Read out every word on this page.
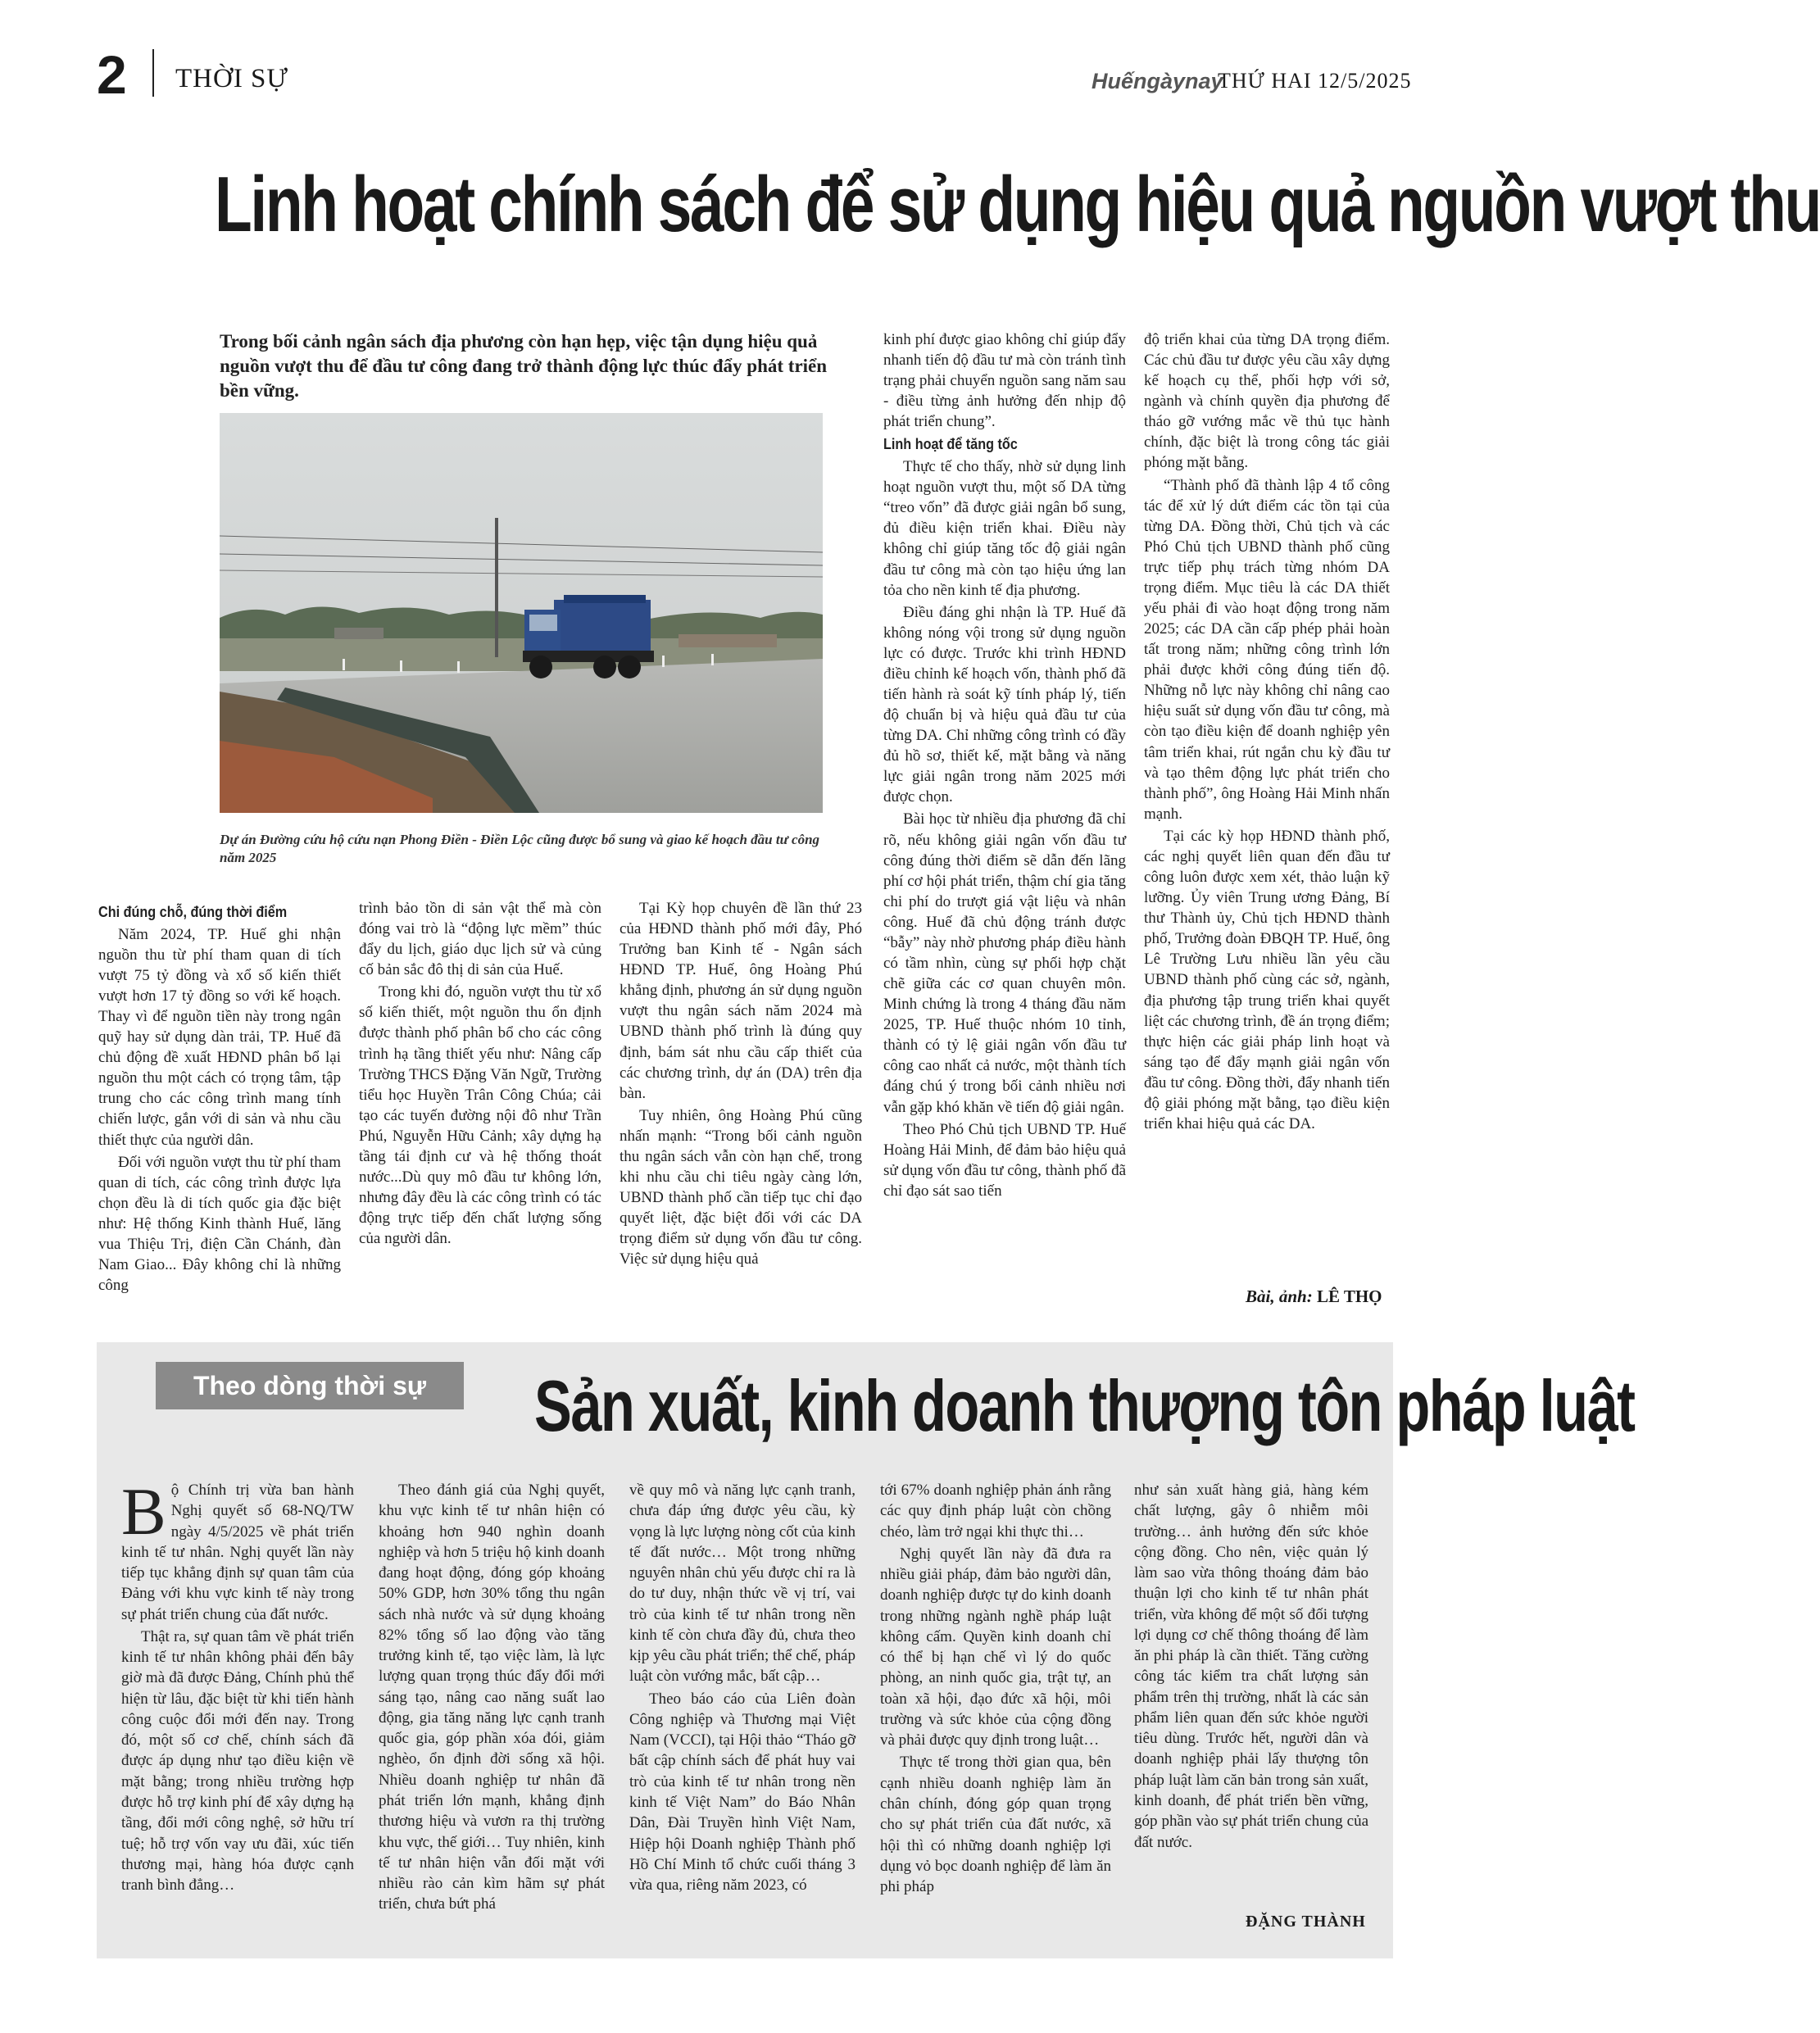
2 THỜI SỰ	Huếngàynay
THỨ HAI 12/5/2025
Linh hoạt chính sách để sử dụng hiệu quả nguồn vượt thu
Trong bối cảnh ngân sách địa phương còn hạn hẹp, việc tận dụng hiệu quả nguồn vượt thu để đầu tư công đang trở thành động lực thúc đẩy phát triển bền vững.
Dự án Đường cứu hộ cứu nạn Phong Điền - Điền Lộc cũng được bổ sung và giao kế hoạch đầu tư công năm 2025
Chi đúng chỗ, đúng thời điểm

Năm 2024, TP. Huế ghi nhận nguồn thu từ phí tham quan di tích vượt 75 tỷ đồng và xổ số kiến thiết vượt hơn 17 tỷ đồng so với kế hoạch. Thay vì để nguồn tiền này trong ngân quỹ hay sử dụng dàn trải, TP. Huế đã chủ động đề xuất HĐND phân bổ lại nguồn thu một cách có trọng tâm, tập trung cho các công trình mang tính chiến lược, gắn với di sản và nhu cầu thiết thực của người dân.

Đối với nguồn vượt thu từ phí tham quan di tích, các công trình được lựa chọn đều là di tích quốc gia đặc biệt như: Hệ thống Kinh thành Huế, lăng vua Thiệu Trị, điện Cần Chánh, đàn Nam Giao... Đây không chỉ là những công

trình bảo tồn di sản vật thể mà còn đóng vai trò là “động lực mềm” thúc đẩy du lịch, giáo dục lịch sử và củng cố bản sắc đô thị di sản của Huế.

Trong khi đó, nguồn vượt thu từ xổ số kiến thiết, một nguồn thu ổn định được thành phố phân bổ cho các công trình hạ tầng thiết yếu như: Nâng cấp Trường THCS Đặng Văn Ngữ, Trường tiểu học Huyền Trân Công Chúa; cải tạo các tuyến đường nội đô như Trần Phú, Nguyễn Hữu Cảnh; xây dựng hạ tầng tái định cư và hệ thống thoát nước...Dù quy mô đầu tư không lớn, nhưng đây đều là các công trình có tác động trực tiếp đến chất lượng sống của người dân.

Tại Kỳ họp chuyên đề lần thứ 23 của HĐND thành phố mới đây, Phó Trưởng ban Kinh tế - Ngân sách HĐND TP. Huế, ông Hoàng Phú khẳng định, phương án sử dụng nguồn vượt thu ngân sách năm 2024 mà UBND thành phố trình là đúng quy định, bám sát nhu cầu cấp thiết của các chương trình, dự án (DA) trên địa bàn.

Tuy nhiên, ông Hoàng Phú cũng nhấn mạnh: “Trong bối cảnh nguồn thu ngân sách vẫn còn hạn chế, trong khi nhu cầu chi tiêu ngày càng lớn, UBND thành phố cần tiếp tục chỉ đạo quyết liệt, đặc biệt đối với các DA trọng điểm sử dụng vốn đầu tư công. Việc sử dụng hiệu quả

kinh phí được giao không chỉ giúp đẩy nhanh tiến độ đầu tư mà còn tránh tình trạng phải chuyển nguồn sang năm sau - điều từng ảnh hưởng đến nhịp độ phát triển chung”.

Linh hoạt để tăng tốc

Thực tế cho thấy, nhờ sử dụng linh hoạt nguồn vượt thu, một số DA từng “treo vốn” đã được giải ngân bổ sung, đủ điều kiện triển khai. Điều này không chỉ giúp tăng tốc độ giải ngân đầu tư công mà còn tạo hiệu ứng lan tỏa cho nền kinh tế địa phương.

Điều đáng ghi nhận là TP. Huế đã không nóng vội trong sử dụng nguồn lực có được. Trước khi trình HĐND điều chỉnh kế hoạch vốn, thành phố đã tiến hành rà soát kỹ tính pháp lý, tiến độ chuẩn bị và hiệu quả đầu tư của từng DA. Chỉ những công trình có đầy đủ hồ sơ, thiết kế, mặt bằng và năng lực giải ngân trong năm 2025 mới được chọn.

Bài học từ nhiều địa phương đã chỉ rõ, nếu không giải ngân vốn đầu tư công đúng thời điểm sẽ dẫn đến lãng phí cơ hội phát triển, thậm chí gia tăng chi phí do trượt giá vật liệu và nhân công. Huế đã chủ động tránh được “bẫy” này nhờ phương pháp điều hành có tầm nhìn, cùng sự phối hợp chặt chẽ giữa các cơ quan chuyên môn. Minh chứng là trong 4 tháng đầu năm 2025, TP. Huế thuộc nhóm 10 tỉnh, thành có tỷ lệ giải ngân vốn đầu tư công cao nhất cả nước, một thành tích đáng chú ý trong bối cảnh nhiều nơi vẫn gặp khó khăn về tiến độ giải ngân.

Theo Phó Chủ tịch UBND TP. Huế Hoàng Hải Minh, để đảm bảo hiệu quả sử dụng vốn đầu tư công, thành phố đã chỉ đạo sát sao tiến

độ triển khai của từng DA trọng điểm. Các chủ đầu tư được yêu cầu xây dựng kế hoạch cụ thể, phối hợp với sở, ngành và chính quyền địa phương để tháo gỡ vướng mắc về thủ tục hành chính, đặc biệt là trong công tác giải phóng mặt bằng.

“Thành phố đã thành lập 4 tổ công tác để xử lý dứt điểm các tồn tại của từng DA. Đồng thời, Chủ tịch và các Phó Chủ tịch UBND thành phố cũng trực tiếp phụ trách từng nhóm DA trọng điểm. Mục tiêu là các DA thiết yếu phải đi vào hoạt động trong năm 2025; các DA cần cấp phép phải hoàn tất trong năm; những công trình lớn phải được khởi công đúng tiến độ. Những nỗ lực này không chỉ nâng cao hiệu suất sử dụng vốn đầu tư công, mà còn tạo điều kiện để doanh nghiệp yên tâm triển khai, rút ngắn chu kỳ đầu tư và tạo thêm động lực phát triển cho thành phố”, ông Hoàng Hải Minh nhấn mạnh.

Tại các kỳ họp HĐND thành phố, các nghị quyết liên quan đến đầu tư công luôn được xem xét, thảo luận kỹ lưỡng. Ủy viên Trung ương Đảng, Bí thư Thành ủy, Chủ tịch HĐND thành phố, Trưởng đoàn ĐBQH TP. Huế, ông Lê Trường Lưu nhiều lần yêu cầu UBND thành phố cùng các sở, ngành, địa phương tập trung triển khai quyết liệt các chương trình, đề án trọng điểm; thực hiện các giải pháp linh hoạt và sáng tạo để đẩy mạnh giải ngân vốn đầu tư công. Đồng thời, đẩy nhanh tiến độ giải phóng mặt bằng, tạo điều kiện triển khai hiệu quả các DA.

Bài, ảnh: LÊ THỌ
Theo dòng thời sự	Sản xuất, kinh doanh thượng tôn pháp luật

Bộ Chính trị vừa ban hành Nghị quyết số 68-NQ/TW ngày 4/5/2025 về phát triển kinh tế tư nhân. Nghị quyết lần này tiếp tục khẳng định sự quan tâm của Đảng với khu vực kinh tế này trong sự phát triển chung của đất nước.

Thật ra, sự quan tâm về phát triển kinh tế tư nhân không phải đến bây giờ mà đã được Đảng, Chính phủ thể hiện từ lâu, đặc biệt từ khi tiến hành công cuộc đổi mới đến nay. Trong đó, một số cơ chế, chính sách đã được áp dụng như tạo điều kiện về mặt bằng; trong nhiều trường hợp được hỗ trợ kinh phí để xây dựng hạ tầng, đổi mới công nghệ, sở hữu trí tuệ; hỗ trợ vốn vay ưu đãi, xúc tiến thương mại, hàng hóa được cạnh tranh bình đẳng…

Theo đánh giá của Nghị quyết, khu vực kinh tế tư nhân hiện có khoảng hơn 940 nghìn doanh nghiệp và hơn 5 triệu hộ kinh doanh đang hoạt động, đóng góp khoảng 50% GDP, hơn 30% tổng thu ngân sách nhà nước và sử dụng khoảng 82% tổng số lao động vào tăng trưởng kinh tế, tạo việc làm, là lực lượng quan trọng thúc đẩy đổi mới sáng tạo, nâng cao năng suất lao động, gia tăng năng lực cạnh tranh quốc gia, góp phần xóa đói, giảm nghèo, ổn định đời sống xã hội. Nhiều doanh nghiệp tư nhân đã phát triển lớn mạnh, khẳng định thương hiệu và vươn ra thị trường khu vực, thế giới… Tuy nhiên, kinh tế tư nhân hiện vẫn đối mặt với nhiều rào cản kìm hãm sự phát triển, chưa bứt phá

về quy mô và năng lực cạnh tranh, chưa đáp ứng được yêu cầu, kỳ vọng là lực lượng nòng cốt của kinh tế đất nước… Một trong những nguyên nhân chủ yếu được chỉ ra là do tư duy, nhận thức về vị trí, vai trò của kinh tế tư nhân trong nền kinh tế còn chưa đầy đủ, chưa theo kịp yêu cầu phát triển; thể chế, pháp luật còn vướng mắc, bất cập…

Theo báo cáo của Liên đoàn Công nghiệp và Thương mại Việt Nam (VCCI), tại Hội thảo “Tháo gỡ bất cập chính sách để phát huy vai trò của kinh tế tư nhân trong nền kinh tế Việt Nam” do Báo Nhân Dân, Đài Truyền hình Việt Nam, Hiệp hội Doanh nghiệp Thành phố Hồ Chí Minh tổ chức cuối tháng 3 vừa qua, riêng năm 2023, có

tới 67% doanh nghiệp phản ánh rằng các quy định pháp luật còn chồng chéo, làm trở ngại khi thực thi…

Nghị quyết lần này đã đưa ra nhiều giải pháp, đảm bảo người dân, doanh nghiệp được tự do kinh doanh trong những ngành nghề pháp luật không cấm. Quyền kinh doanh chỉ có thể bị hạn chế vì lý do quốc phòng, an ninh quốc gia, trật tự, an toàn xã hội, đạo đức xã hội, môi trường và sức khỏe của cộng đồng và phải được quy định trong luật…

Thực tế trong thời gian qua, bên cạnh nhiều doanh nghiệp làm ăn chân chính, đóng góp quan trọng cho sự phát triển của đất nước, xã hội thì có những doanh nghiệp lợi dụng vỏ bọc doanh nghiệp để làm ăn phi pháp

như sản xuất hàng giả, hàng kém chất lượng, gây ô nhiễm môi trường… ảnh hưởng đến sức khỏe cộng đồng. Cho nên, việc quản lý làm sao vừa thông thoáng đảm bảo thuận lợi cho kinh tế tư nhân phát triển, vừa không để một số đối tượng lợi dụng cơ chế thông thoáng để làm ăn phi pháp là cần thiết. Tăng cường công tác kiểm tra chất lượng sản phẩm trên thị trường, nhất là các sản phẩm liên quan đến sức khỏe người tiêu dùng. Trước hết, người dân và doanh nghiệp phải lấy thượng tôn pháp luật làm căn bản trong sản xuất, kinh doanh, để phát triển bền vững, góp phần vào sự phát triển chung của đất nước.

ĐẶNG THÀNH
